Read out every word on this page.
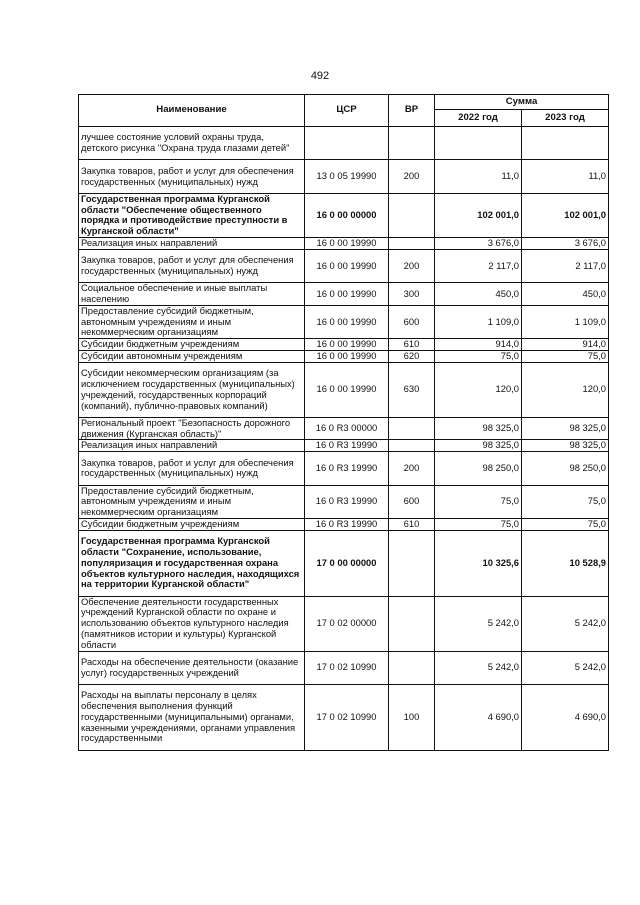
492
Наименование	ЦСР	ВР	Сумма	
			2022 год	2023 год
лучшее состояние условий охраны труда, детского рисунка "Охрана труда глазами детей"				
Закупка товаров, работ и услуг для обеспечения государственных (муниципальных) нужд	13 0 05 19990	200	11,0	11,0
Государственная программа Курганской области "Обеспечение общественного порядка и противодействие преступности в Курганской области"	16 0 00 00000		102 001,0	102 001,0
Реализация иных направлений	16 0 00 19990		3 676,0	3 676,0
Закупка товаров, работ и услуг для обеспечения государственных (муниципальных) нужд	16 0 00 19990	200	2 117,0	2 117,0
Социальное обеспечение и иные выплаты населению	16 0 00 19990	300	450,0	450,0
Предоставление субсидий бюджетным, автономным учреждениям и иным некоммерческим организациям	16 0 00 19990	600	1 109,0	1 109,0
Субсидии бюджетным учреждениям	16 0 00 19990	610	914,0	914,0
Субсидии автономным учреждениям	16 0 00 19990	620	75,0	75,0
Субсидии некоммерческим организациям (за исключением государственных (муниципальных) учреждений, государственных корпораций (компаний), публично-правовых компаний)	16 0 00 19990	630	120,0	120,0
Региональный проект "Безопасность дорожного движения (Курганская область)"	16 0 R3 00000		98 325,0	98 325,0
Реализация иных направлений	16 0 R3 19990		98 325,0	98 325,0
Закупка товаров, работ и услуг для обеспечения государственных (муниципальных) нужд	16 0 R3 19990	200	98 250,0	98 250,0
Предоставление субсидий бюджетным, автономным учреждениям и иным некоммерческим организациям	16 0 R3 19990	600	75,0	75,0
Субсидии бюджетным учреждениям	16 0 R3 19990	610	75,0	75,0
Государственная программа Курганской области "Сохранение, использование, популяризация и государственная охрана объектов культурного наследия, находящихся на территории Курганской области"	17 0 00 00000		10 325,6	10 528,9
Обеспечение деятельности государственных учреждений Курганской области по охране и использованию объектов культурного наследия (памятников истории и культуры) Курганской области	17 0 02 00000		5 242,0	5 242,0
Расходы на обеспечение деятельности (оказание услуг) государственных учреждений	17 0 02 10990		5 242,0	5 242,0
Расходы на выплаты персоналу в целях обеспечения выполнения функций государственными (муниципальными) органами, казенными учреждениями, органами управления государственными	17 0 02 10990	100	4 690,0	4 690,0
